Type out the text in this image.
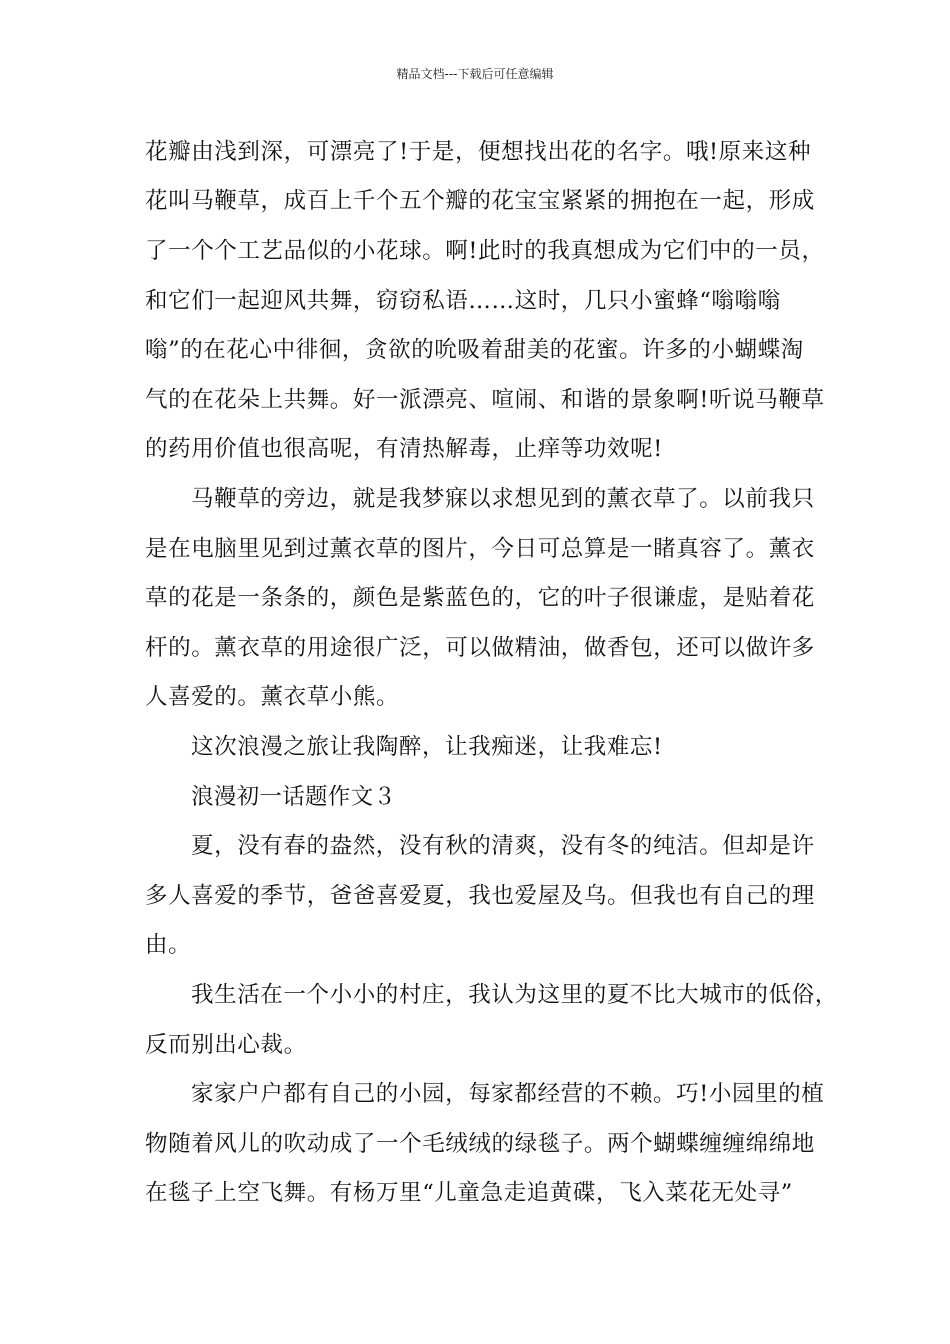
精品文档---下载后可任意编辑
花瓣由浅到深，可漂亮了!于是，便想找出花的名字。哦!原来这种
花叫马鞭草，成百上千个五个瓣的花宝宝紧紧的拥抱在一起，形成
了一个个工艺品似的小花球。啊!此时的我真想成为它们中的一员，
和它们一起迎风共舞，窃窃私语……这时，几只小蜜蜂“嗡嗡嗡
嗡”的在花心中徘徊，贪欲的吮吸着甜美的花蜜。许多的小蝴蝶淘
气的在花朵上共舞。好一派漂亮、喧闹、和谐的景象啊!听说马鞭草
的药用价值也很高呢，有清热解毒，止痒等功效呢!
马鞭草的旁边，就是我梦寐以求想见到的薰衣草了。以前我只
是在电脑里见到过薰衣草的图片，今日可总算是一睹真容了。薰衣
草的花是一条条的，颜色是紫蓝色的，它的叶子很谦虚，是贴着花
杆的。薰衣草的用途很广泛，可以做精油，做香包，还可以做许多
人喜爱的。薰衣草小熊。
这次浪漫之旅让我陶醉，让我痴迷，让我难忘!
浪漫初一话题作文３
夏，没有春的盎然，没有秋的清爽，没有冬的纯洁。但却是许
多人喜爱的季节，爸爸喜爱夏，我也爱屋及乌。但我也有自己的理
由。
我生活在一个小小的村庄，我认为这里的夏不比大城市的低俗，
反而别出心裁。
家家户户都有自己的小园，每家都经营的不赖。巧!小园里的植
物随着风儿的吹动成了一个毛绒绒的绿毯子。两个蝴蝶缠缠绵绵地
在毯子上空飞舞。有杨万里“儿童急走追黄碟，飞入菜花无处寻”
